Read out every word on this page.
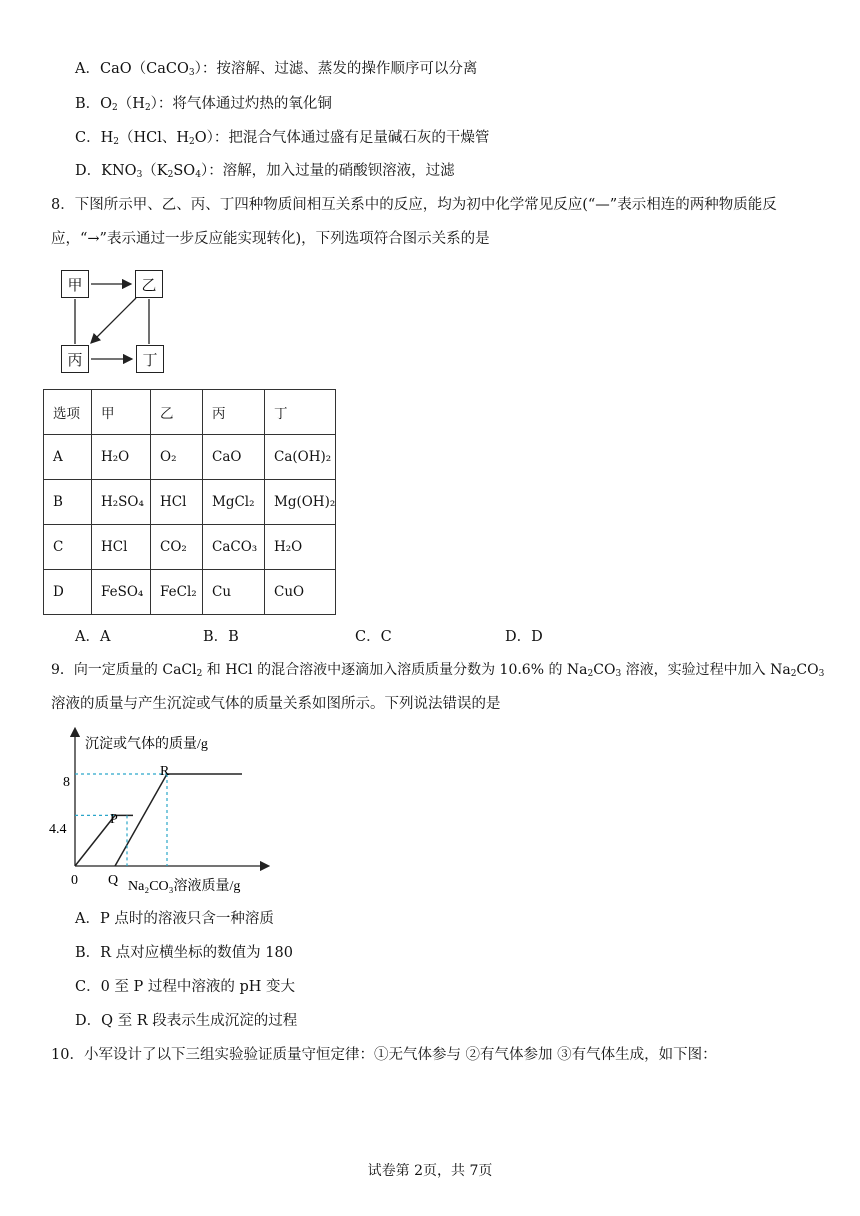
A．CaO（CaCO$_3$）：按溶解、过滤、蒸发的操作顺序可以分离
B．$O_2(H_2)$：将气体通过灼热的氧化铜
C．$H_2(HCl$、$H_2O$）：把混合气体通过盛有足量碱石灰的干燥管
D．$KNO_3(K_2SO_4)$：溶解，加入过量的硝酸钡溶液，过滤
8．下图所示甲、乙、丙、丁四种物质间相互关系中的反应，均为初中化学常见反应(“—”表示相连的两种物质能反
应，“→”表示通过一步反应能实现转化)，下列选项符合图示关系的是
甲	乙
丙	丁
选项	甲	乙	丙	丁
A	H₂O	O₂	CaO	Ca(OH)₂
B	H₂SO₄	HCl	MgCl₂	Mg(OH)₂
C	HCl	CO₂	CaCO₃	H₂O
D	FeSO₄	FeCl₂	Cu	CuO
A．A	B．B	C．C	D．D
9．向一定质量的 CaCl$_2$ 和 HCl 的混合溶液中逐滴加入溶质质量分数为 10.6% 的 $Na_2CO_3$ 溶液，实验过程中加入 $Na_2CO_3$
溶液的质量与产生沉淀或气体的质量关系如图所示。下列说法错误的是
沉淀或气体的质量/g
Na₂CO₃溶液质量/g
0
8
4.4
P
Q
R
A．P 点时的溶液只含一种溶质
B．R 点对应横坐标的数值为 180
C．0 至 P 过程中溶液的 pH 变大
D．Q 至 R 段表示生成沉淀的过程
10．小军设计了以下三组实验验证质量守恒定律：①无气体参与 ②有气体参加 ③有气体生成，如下图：
试卷第 2页，共 7页
